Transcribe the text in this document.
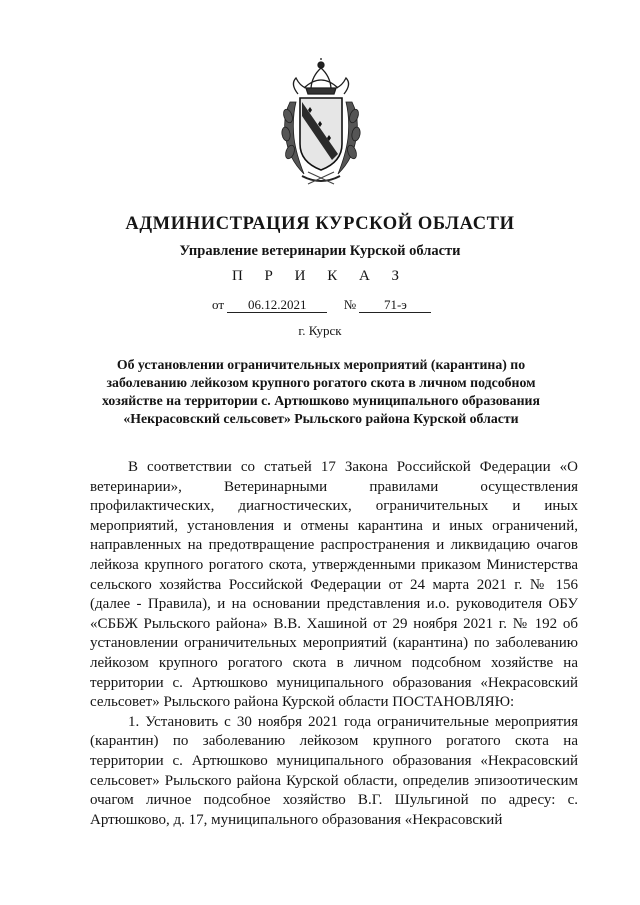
АДМИНИСТРАЦИЯ КУРСКОЙ ОБЛАСТИ
Управление ветеринарии Курской области
П Р И К А З
от 06.12.2021	№ 71-э
г. Курск
Об установлении ограничительных мероприятий (карантина) по заболеванию лейкозом крупного рогатого скота в личном подсобном хозяйстве на территории с. Артюшково муниципального образования «Некрасовский сельсовет» Рыльского района Курской области

В соответствии со статьей 17 Закона Российской Федерации «О ветеринарии», Ветеринарными правилами осуществления профилактических, диагностических, ограничительных и иных мероприятий, установления и отмены карантина и иных ограничений, направленных на предотвращение распространения и ликвидацию очагов лейкоза крупного рогатого скота, утвержденными приказом Министерства сельского хозяйства Российской Федерации от 24 марта 2021 г. № 156 (далее - Правила), и на основании представления и.о. руководителя ОБУ «СББЖ Рыльского района» В.В. Хашиной от 29 ноября 2021 г. № 192 об установлении ограничительных мероприятий (карантина) по заболеванию лейкозом крупного рогатого скота в личном подсобном хозяйстве на территории с. Артюшково муниципального образования «Некрасовский сельсовет» Рыльского района Курской области ПОСТАНОВЛЯЮ:

1. Установить с 30 ноября 2021 года ограничительные мероприятия (карантин) по заболеванию лейкозом крупного рогатого скота на территории с. Артюшково муниципального образования «Некрасовский сельсовет» Рыльского района Курской области, определив эпизоотическим очагом личное подсобное хозяйство В.Г. Шульгиной по адресу: с. Артюшково, д. 17, муниципального образования «Некрасовский
